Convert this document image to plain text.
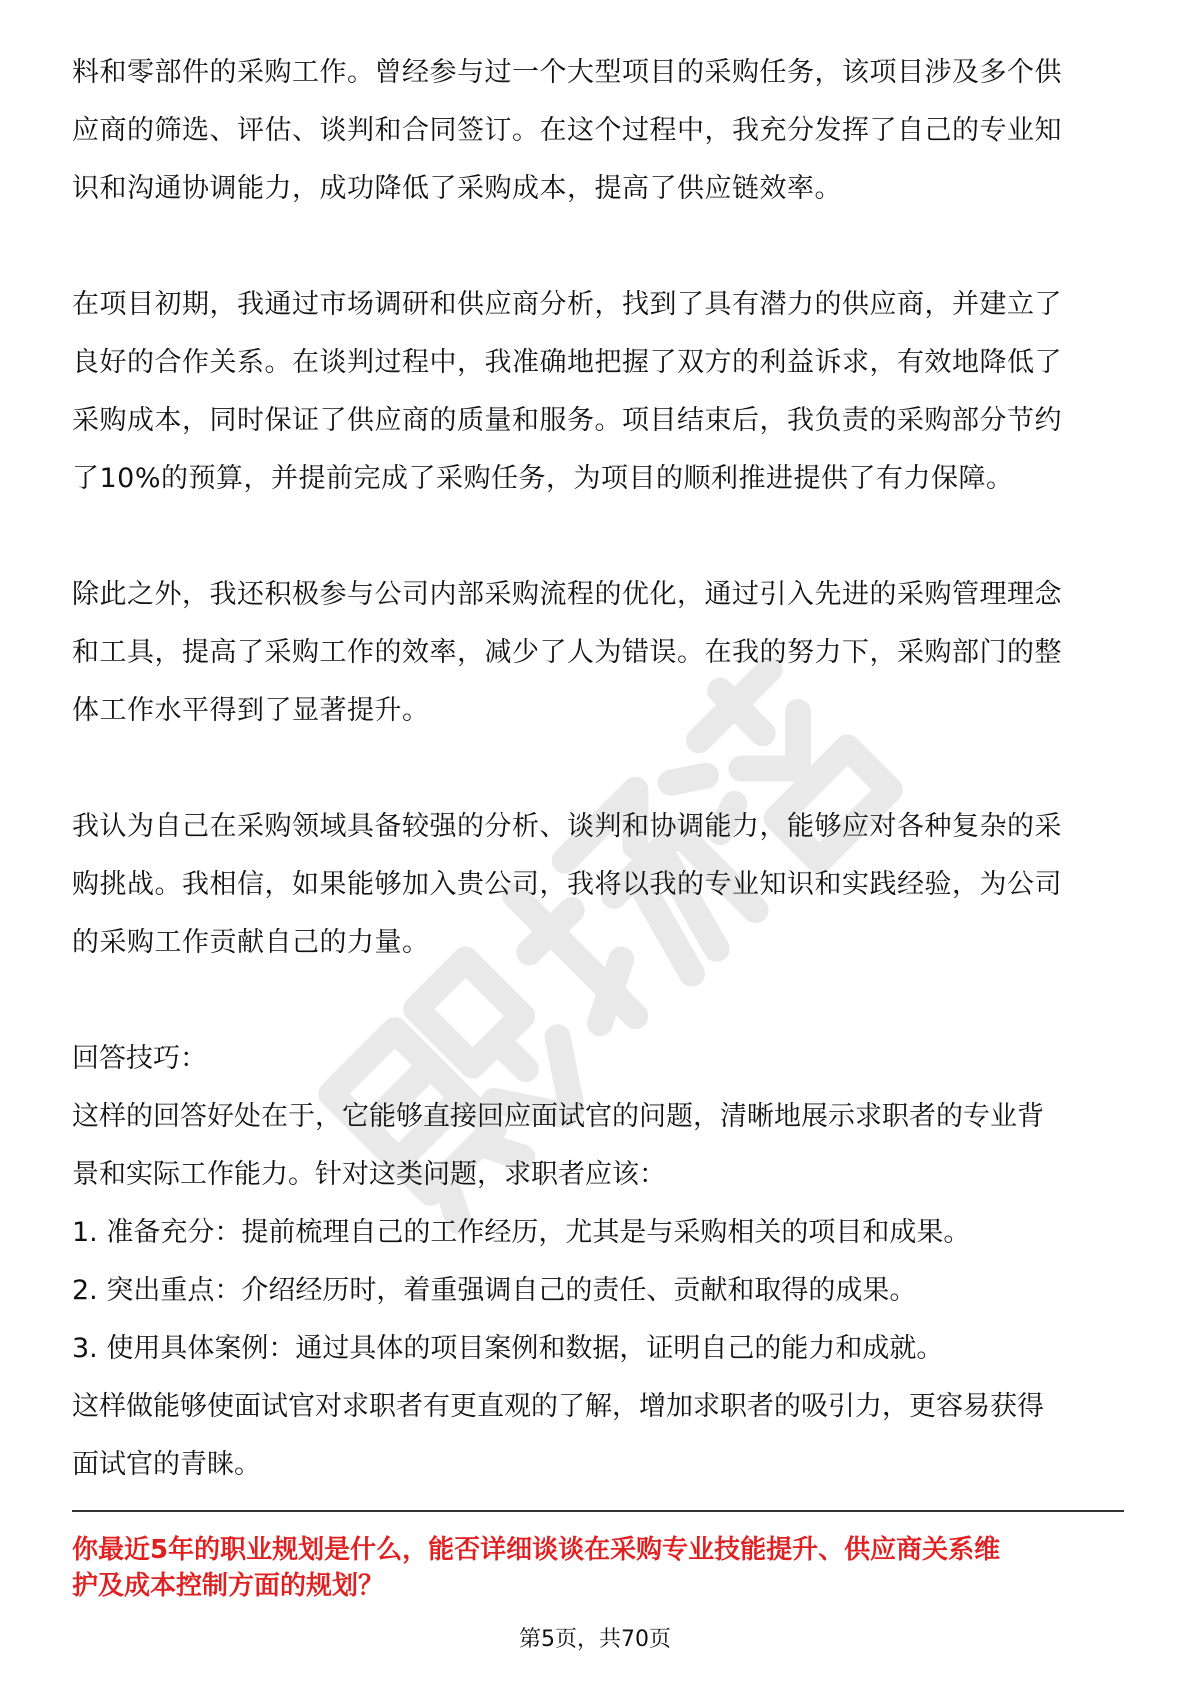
料和零部件的采购工作。曾经参与过一个大型项目的采购任务，该项目涉及多个供

应商的筛选、评估、谈判和合同签订。在这个过程中，我充分发挥了自己的专业知

识和沟通协调能力，成功降低了采购成本，提高了供应链效率。

在项目初期，我通过市场调研和供应商分析，找到了具有潜力的供应商，并建立了

良好的合作关系。在谈判过程中，我准确地把握了双方的利益诉求，有效地降低了

采购成本，同时保证了供应商的质量和服务。项目结束后，我负责的采购部分节约

了10%的预算，并提前完成了采购任务，为项目的顺利推进提供了有力保障。

除此之外，我还积极参与公司内部采购流程的优化，通过引入先进的采购管理理念

和工具，提高了采购工作的效率，减少了人为错误。在我的努力下，采购部门的整

体工作水平得到了显著提升。

我认为自己在采购领域具备较强的分析、谈判和协调能力，能够应对各种复杂的采

购挑战。我相信，如果能够加入贵公司，我将以我的专业知识和实践经验，为公司

的采购工作贡献自己的力量。

回答技巧：

这样的回答好处在于，它能够直接回应面试官的问题，清晰地展示求职者的专业背

景和实际工作能力。针对这类问题，求职者应该：

1. 准备充分：提前梳理自己的工作经历，尤其是与采购相关的项目和成果。

2. 突出重点：介绍经历时，着重强调自己的责任、贡献和取得的成果。

3. 使用具体案例：通过具体的项目案例和数据，证明自己的能力和成就。

这样做能够使面试官对求职者有更直观的了解，增加求职者的吸引力，更容易获得

面试官的青睐。

你最近5年的职业规划是什么，能否详细谈谈在采购专业技能提升、供应商关系维
护及成本控制方面的规划？
第5页，共70页
